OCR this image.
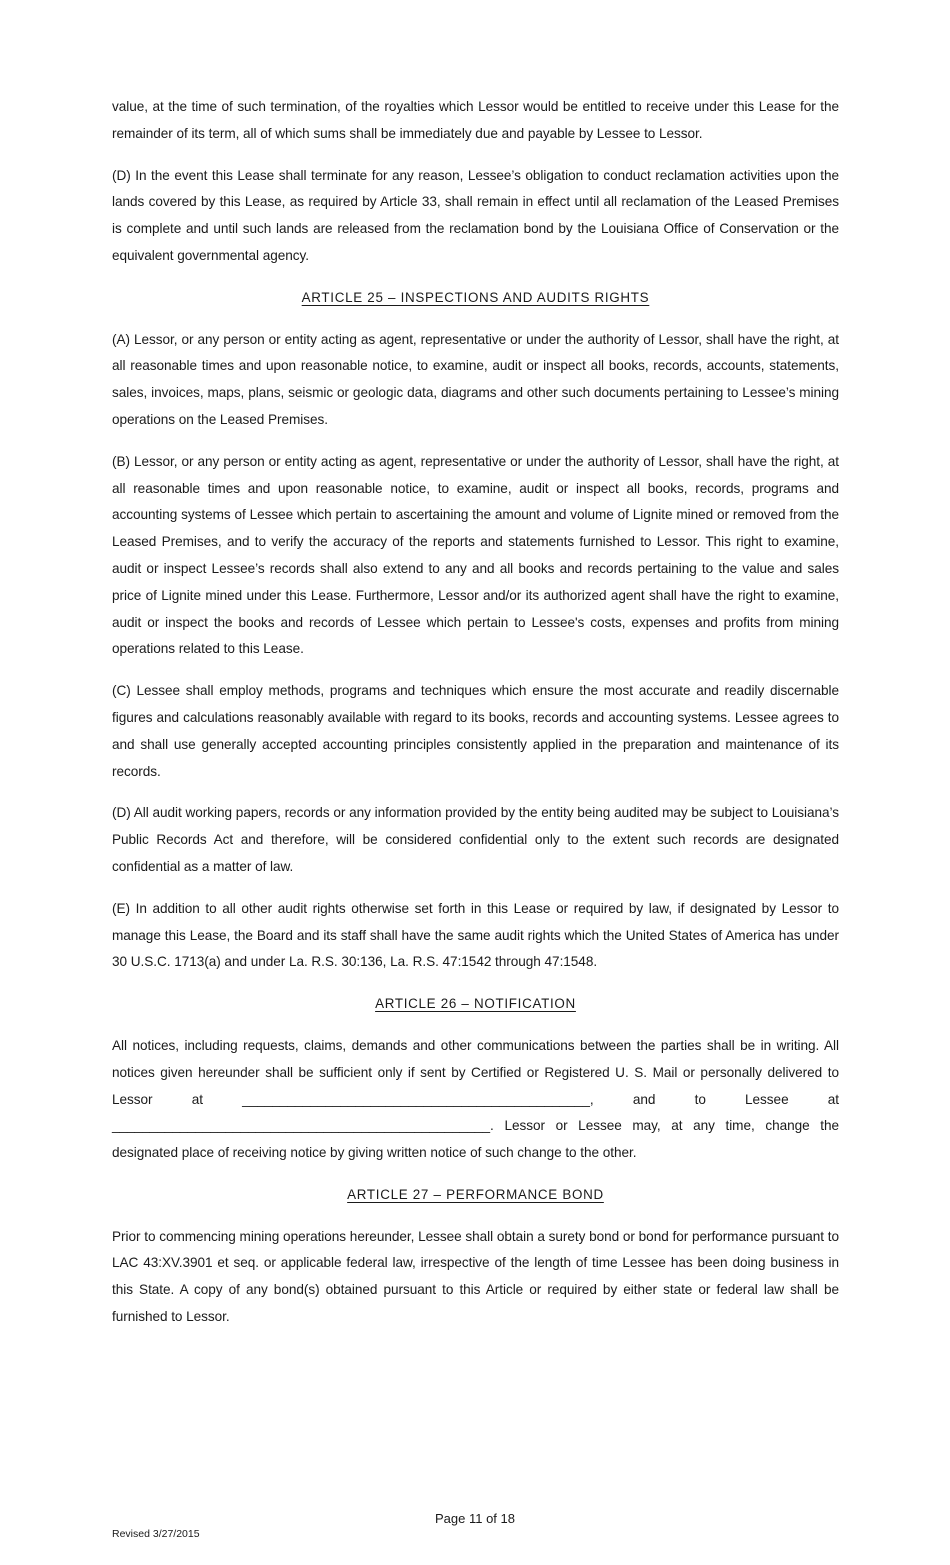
value, at the time of such termination, of the royalties which Lessor would be entitled to receive under this Lease for the remainder of its term, all of which sums shall be immediately due and payable by Lessee to Lessor.

(D) In the event this Lease shall terminate for any reason, Lessee’s obligation to conduct reclamation activities upon the lands covered by this Lease, as required by Article 33, shall remain in effect until all reclamation of the Leased Premises is complete and until such lands are released from the reclamation bond by the Louisiana Office of Conservation or the equivalent governmental agency.

ARTICLE 25 – INSPECTIONS AND AUDITS RIGHTS

(A) Lessor, or any person or entity acting as agent, representative or under the authority of Lessor, shall have the right, at all reasonable times and upon reasonable notice, to examine, audit or inspect all books, records, accounts, statements, sales, invoices, maps, plans, seismic or geologic data, diagrams and other such documents pertaining to Lessee’s mining operations on the Leased Premises.

(B) Lessor, or any person or entity acting as agent, representative or under the authority of Lessor, shall have the right, at all reasonable times and upon reasonable notice, to examine, audit or inspect all books, records, programs and accounting systems of Lessee which pertain to ascertaining the amount and volume of Lignite mined or removed from the Leased Premises, and to verify the accuracy of the reports and statements furnished to Lessor. This right to examine, audit or inspect Lessee’s records shall also extend to any and all books and records pertaining to the value and sales price of Lignite mined under this Lease. Furthermore, Lessor and/or its authorized agent shall have the right to examine, audit or inspect the books and records of Lessee which pertain to Lessee's costs, expenses and profits from mining operations related to this Lease.

(C) Lessee shall employ methods, programs and techniques which ensure the most accurate and readily discernable figures and calculations reasonably available with regard to its books, records and accounting systems. Lessee agrees to and shall use generally accepted accounting principles consistently applied in the preparation and maintenance of its records.

(D) All audit working papers, records or any information provided by the entity being audited may be subject to Louisiana’s Public Records Act and therefore, will be considered confidential only to the extent such records are designated confidential as a matter of law.

(E) In addition to all other audit rights otherwise set forth in this Lease or required by law, if designated by Lessor to manage this Lease, the Board and its staff shall have the same audit rights which the United States of America has under 30 U.S.C. 1713(a) and under La. R.S. 30:136, La. R.S. 47:1542 through 47:1548.

ARTICLE 26 – NOTIFICATION

All notices, including requests, claims, demands and other communications between the parties shall be in writing. All notices given hereunder shall be sufficient only if sent by Certified or Registered U. S. Mail or personally delivered to Lessor at	______________________________________________,	and to Lessee at __________________________________________________. Lessor or Lessee may, at any time, change the designated place of receiving notice by giving written notice of such change to the other.

ARTICLE 27 – PERFORMANCE BOND

Prior to commencing mining operations hereunder, Lessee shall obtain a surety bond or bond for performance pursuant to LAC 43:XV.3901 et seq. or applicable federal law, irrespective of the length of time Lessee has been doing business in this State. A copy of any bond(s) obtained pursuant to this Article or required by either state or federal law shall be furnished to Lessor.

Page 11 of 18
Revised 3/27/2015
